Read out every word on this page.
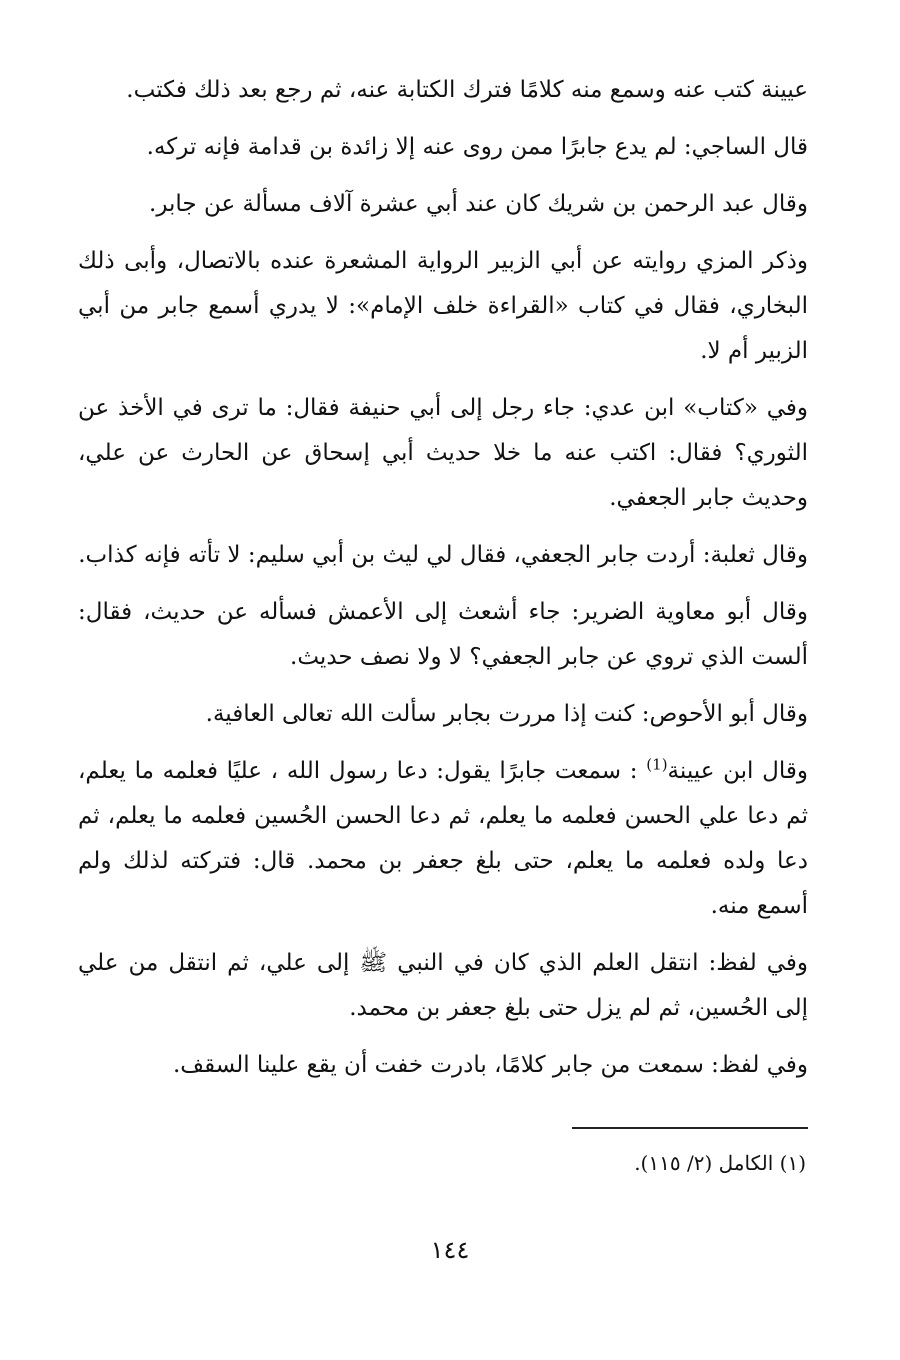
عيينة كتب عنه وسمع منه كلامًا فترك الكتابة عنه، ثم رجع بعد ذلك فكتب.

قال الساجي: لم يدع جابرًا ممن روى عنه إلا زائدة بن قدامة فإنه تركه.

وقال عبد الرحمن بن شريك كان عند أبي عشرة آلاف مسألة عن جابر.

وذكر المزي روايته عن أبي الزبير الرواية المشعرة عنده بالاتصال، وأبى ذلك البخاري، فقال في كتاب «القراءة خلف الإمام»: لا يدري أسمع جابر من أبي الزبير أم لا.

وفي «كتاب» ابن عدي: جاء رجل إلى أبي حنيفة فقال: ما ترى في الأخذ عن الثوري؟ فقال: اكتب عنه ما خلا حديث أبي إسحاق عن الحارث عن علي، وحديث جابر الجعفي.

وقال ثعلبة: أردت جابر الجعفي، فقال لي ليث بن أبي سليم: لا تأته فإنه كذاب.

وقال أبو معاوية الضرير: جاء أشعث إلى الأعمش فسأله عن حديث، فقال: ألست الذي تروي عن جابر الجعفي؟ لا ولا نصف حديث.

وقال أبو الأحوص: كنت إذا مررت بجابر سألت الله تعالى العافية.

وقال ابن عيينة$^{(1)}$ : سمعت جابرًا يقول: دعا رسول الله ، عليًا فعلمه ما يعلم، ثم دعا علي الحسن فعلمه ما يعلم، ثم دعا الحسن الحُسين فعلمه ما يعلم، ثم دعا ولده فعلمه ما يعلم، حتى بلغ جعفر بن محمد. قال: فتركته لذلك ولم أسمع منه.

وفي لفظ: انتقل العلم الذي كان في النبي ﷺ إلى علي، ثم انتقل من علي إلى الحُسين، ثم لم يزل حتى بلغ جعفر بن محمد.

وفي لفظ: سمعت من جابر كلامًا، بادرت خفت أن يقع علينا السقف.

(١) الكامل (٢/ ١١٥).
١٤٤
